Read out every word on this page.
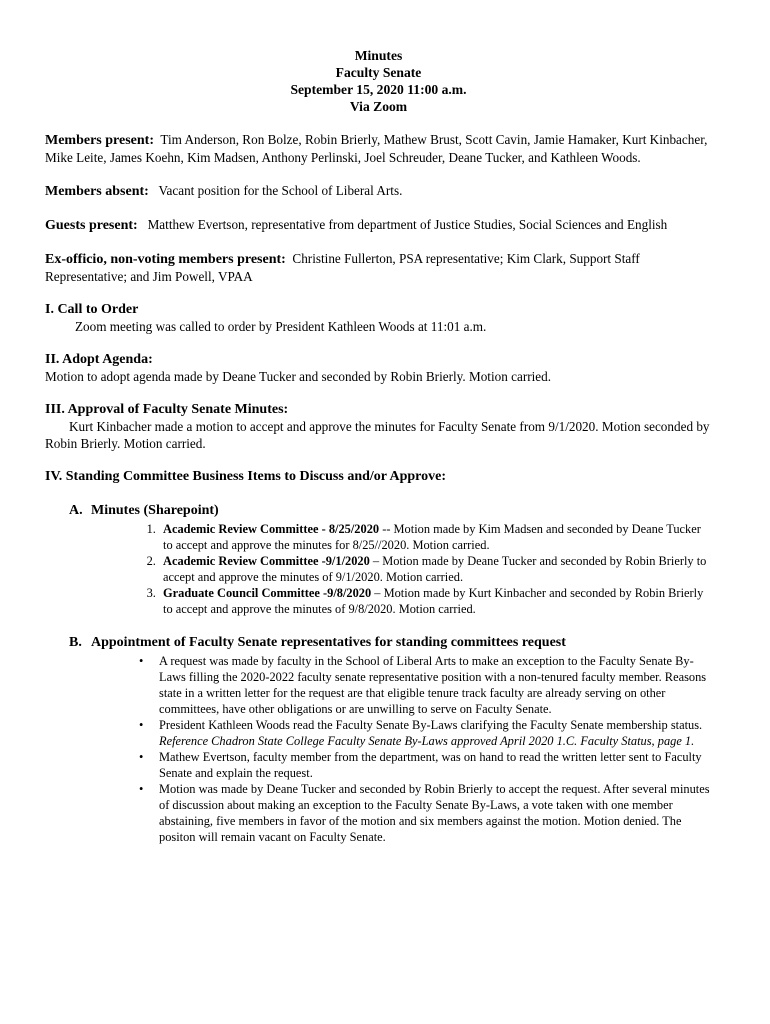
Minutes
Faculty Senate
September 15, 2020 11:00 a.m.
Via Zoom

Members present: Tim Anderson, Ron Bolze, Robin Brierly, Mathew Brust, Scott Cavin, Jamie Hamaker, Kurt Kinbacher, Mike Leite, James Koehn, Kim Madsen, Anthony Perlinski, Joel Schreuder, Deane Tucker, and Kathleen Woods.

Members absent: Vacant position for the School of Liberal Arts.

Guests present: Matthew Evertson, representative from department of Justice Studies, Social Sciences and English

Ex-officio, non-voting members present: Christine Fullerton, PSA representative; Kim Clark, Support Staff Representative; and Jim Powell, VPAA

I. Call to Order
Zoom meeting was called to order by President Kathleen Woods at 11:01 a.m.
II. Adopt Agenda:
Motion to adopt agenda made by Deane Tucker and seconded by Robin Brierly. Motion carried.
III. Approval of Faculty Senate Minutes:
Kurt Kinbacher made a motion to accept and approve the minutes for Faculty Senate from 9/1/2020. Motion seconded by Robin Brierly. Motion carried.
IV. Standing Committee Business Items to Discuss and/or Approve:
A. Minutes (Sharepoint)
1. Academic Review Committee - 8/25/2020 -- Motion made by Kim Madsen and seconded by Deane Tucker to accept and approve the minutes for 8/25//2020. Motion carried.
2. Academic Review Committee -9/1/2020 – Motion made by Deane Tucker and seconded by Robin Brierly to accept and approve the minutes of 9/1/2020. Motion carried.
3. Graduate Council Committee -9/8/2020 – Motion made by Kurt Kinbacher and seconded by Robin Brierly to accept and approve the minutes of 9/8/2020. Motion carried.
B. Appointment of Faculty Senate representatives for standing committees request
• A request was made by faculty in the School of Liberal Arts to make an exception to the Faculty Senate By-Laws filling the 2020-2022 faculty senate representative position with a non-tenured faculty member. Reasons state in a written letter for the request are that eligible tenure track faculty are already serving on other committees, have other obligations or are unwilling to serve on Faculty Senate.
• President Kathleen Woods read the Faculty Senate By-Laws clarifying the Faculty Senate membership status. Reference Chadron State College Faculty Senate By-Laws approved April 2020 1.C. Faculty Status, page 1.
• Mathew Evertson, faculty member from the department, was on hand to read the written letter sent to Faculty Senate and explain the request.
• Motion was made by Deane Tucker and seconded by Robin Brierly to accept the request. After several minutes of discussion about making an exception to the Faculty Senate By-Laws, a vote taken with one member abstaining, five members in favor of the motion and six members against the motion. Motion denied. The positon will remain vacant on Faculty Senate.
